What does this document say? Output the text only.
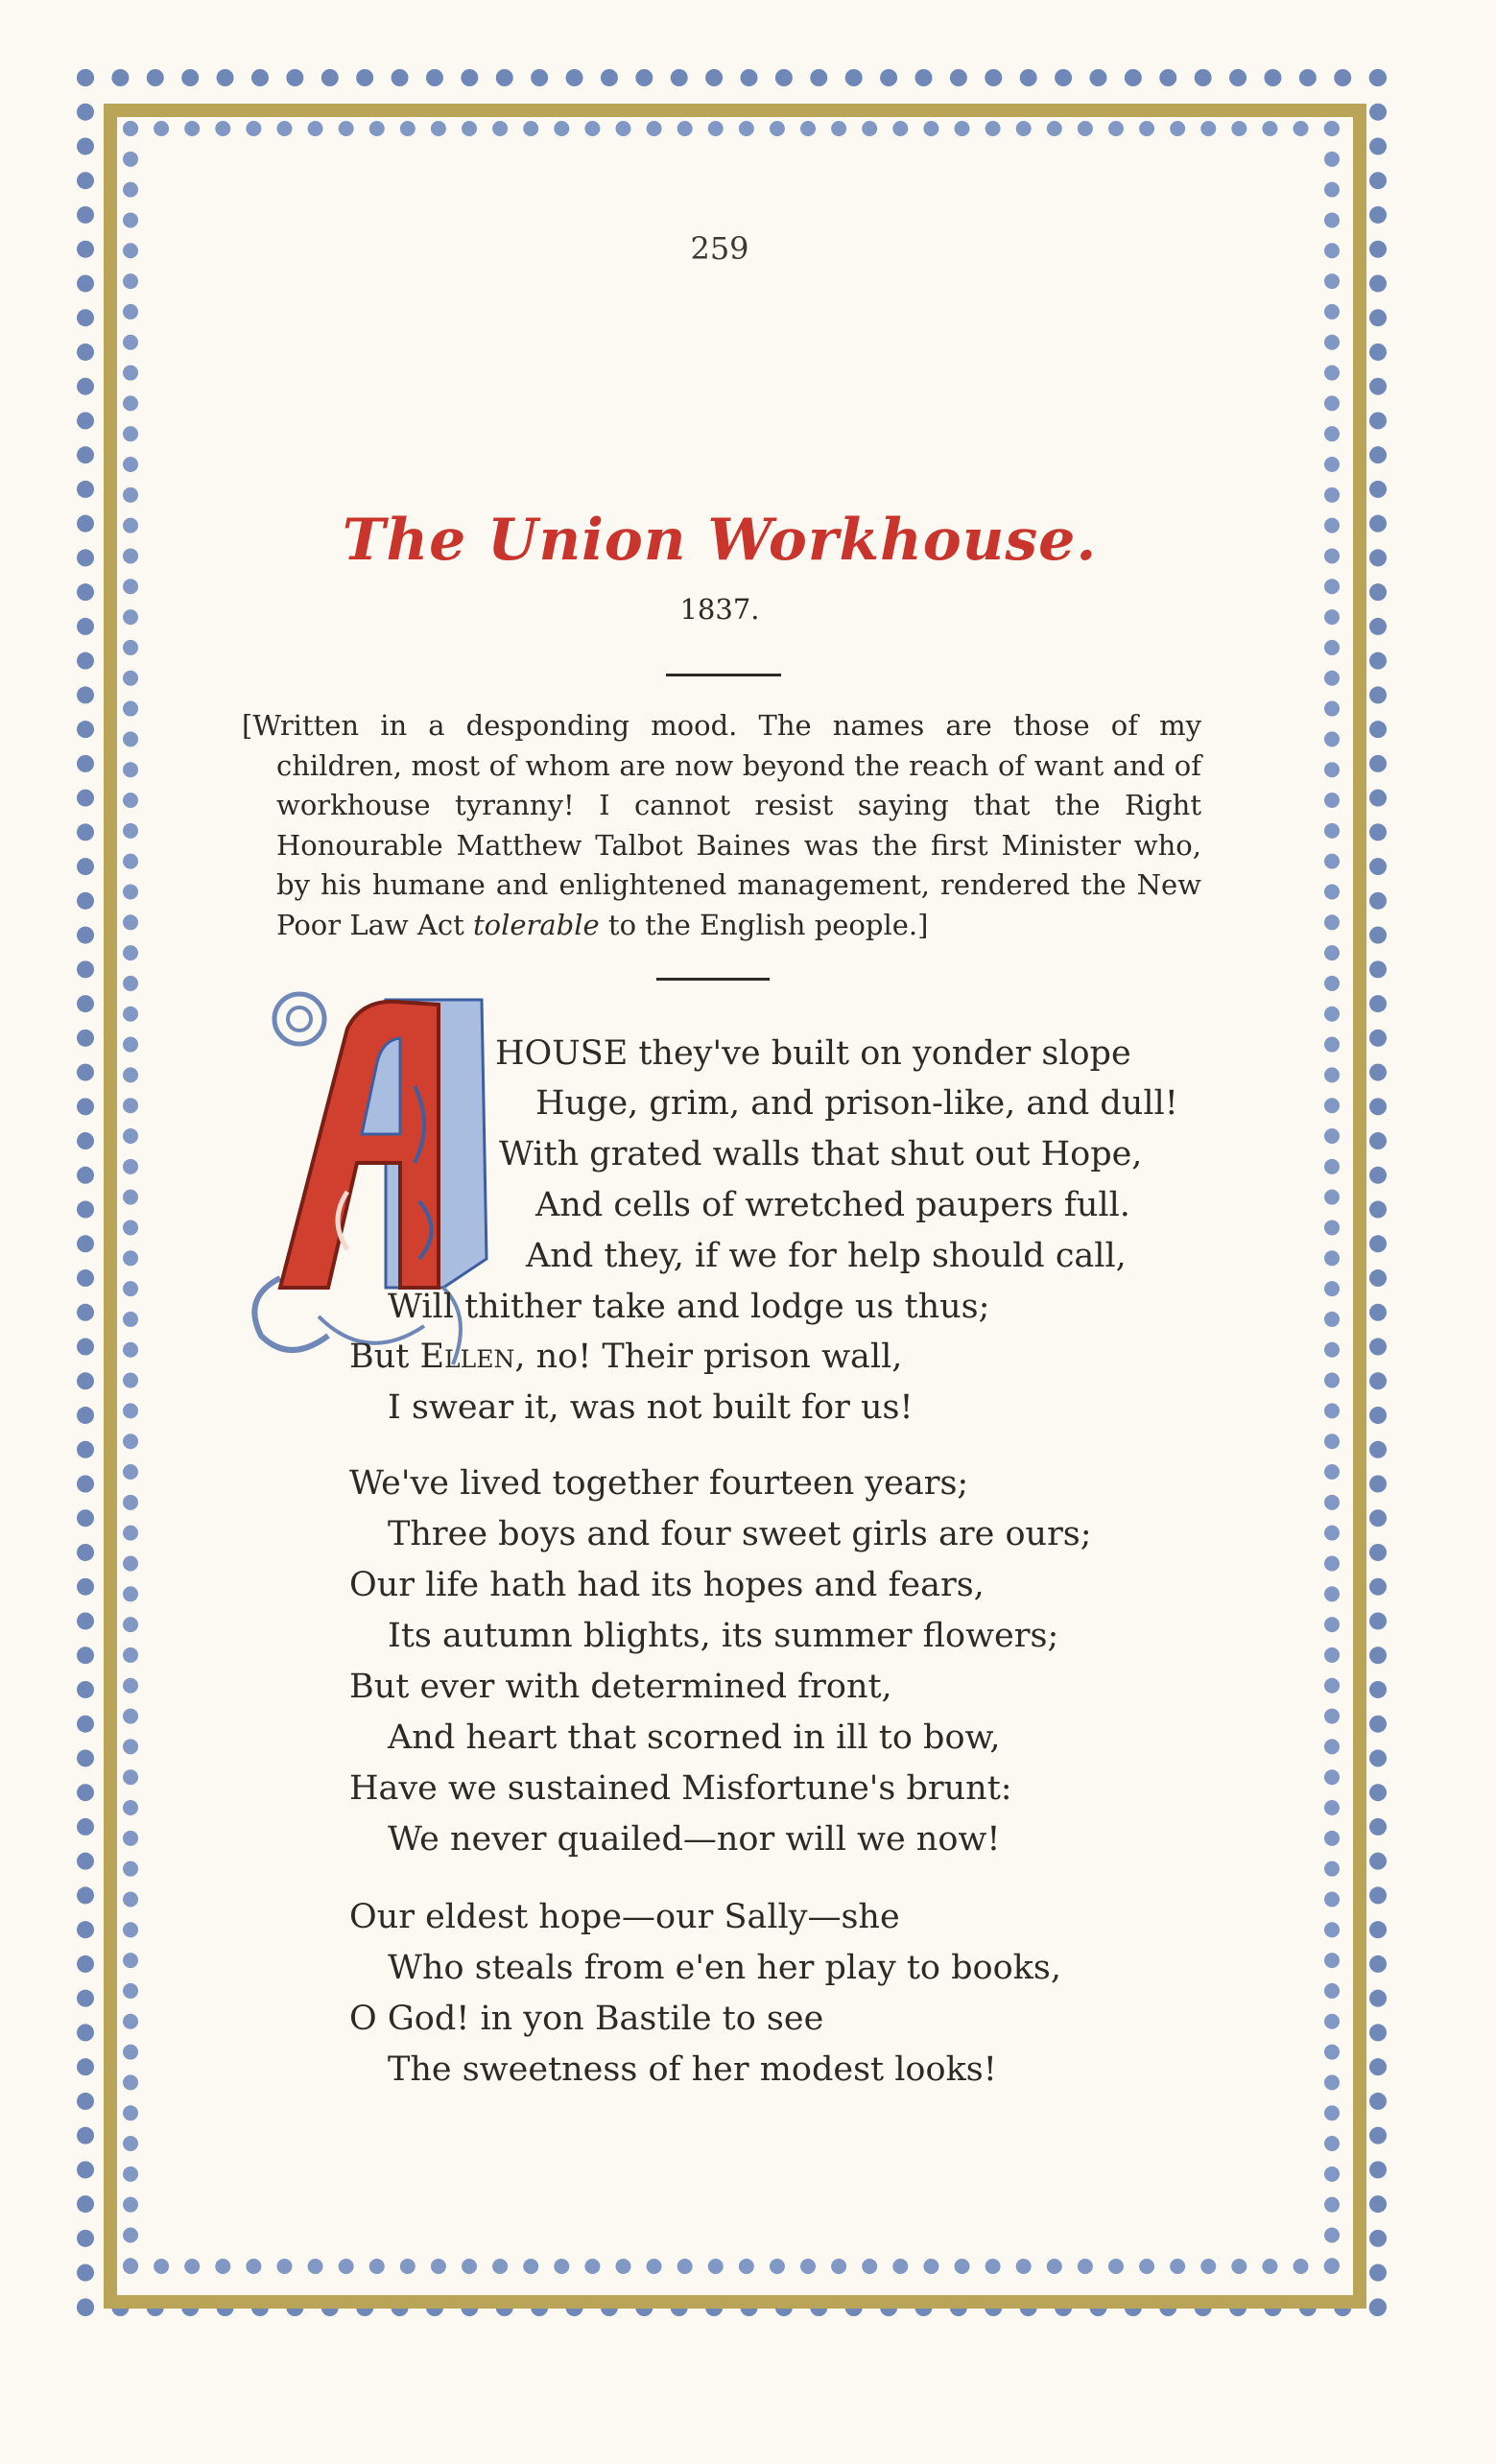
259
The Union Workhouse.
1837.

[Written in a desponding mood. The names are those of my children, most of whom are now beyond the reach of want and of workhouse tyranny! I cannot resist saying that the Right Honourable Matthew Talbot Baines was the first Minister who, by his humane and enlightened management, rendered the New Poor Law Act tolerable to the English people.]

HOUSE they've built on yonder slope
Huge, grim, and prison-like, and dull!
With grated walls that shut out Hope,
And cells of wretched paupers full.
And they, if we for help should call,
Will thither take and lodge us thus;
But Ellen, no! Their prison wall,
I swear it, was not built for us!
We've lived together fourteen years;
Three boys and four sweet girls are ours;
Our life hath had its hopes and fears,
Its autumn blights, its summer flowers;
But ever with determined front,
And heart that scorned in ill to bow,
Have we sustained Misfortune's brunt:
We never quailed—nor will we now!
Our eldest hope—our Sally—she
Who steals from e'en her play to books,
O God! in yon Bastile to see
The sweetness of her modest looks!
